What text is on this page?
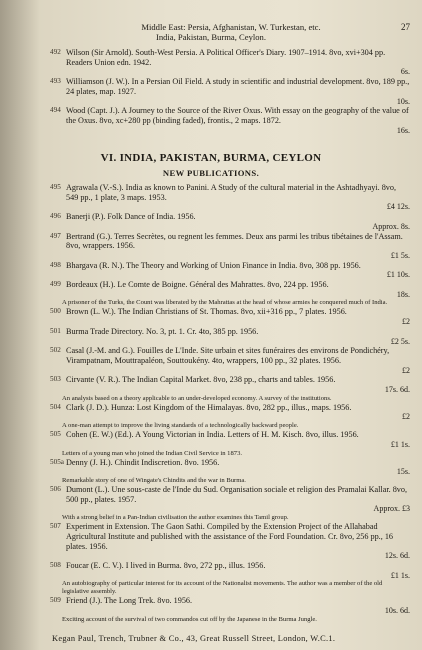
Middle East: Persia, Afghanistan, W. Turkestan, etc.
India, Pakistan, Burma, Ceylon.
27
492 Wilson (Sir Arnold). South-West Persia. A Political Officer's Diary. 1907–1914. 8vo, xvi+304 pp. Readers Union edn. 1942.
6s.
493 Williamson (J. W.). In a Persian Oil Field. A study in scientific and industrial development. 8vo, 189 pp., 24 plates, map. 1927.
10s.
494 Wood (Capt. J.). A Journey to the Source of the River Oxus. With essay on the geography of the value of the Oxus. 8vo, xc+280 pp (binding faded), frontis., 2 maps. 1872.
16s.
VI. INDIA, PAKISTAN, BURMA, CEYLON
NEW PUBLICATIONS.
495 Agrawala (V.-S.). India as known to Panini. A Study of the cultural material in the Ashtadhyayi. 8vo, 549 pp., 1 plate, 3 maps. 1953.
£4 12s.
496 Banerji (P.). Folk Dance of India. 1956.
Approx. 8s.
497 Bertrand (G.). Terres Secrètes, ou regnent les femmes. Deux ans parmi les tribus tibétaines de l'Assam. 8vo, wrappers. 1956.
£1 5s.
498 Bhargava (R. N.). The Theory and Working of Union Finance in India. 8vo, 308 pp. 1956.
£1 10s.
499 Bordeaux (H.). Le Comte de Boigne. Général des Mahrattes. 8vo, 224 pp. 1956.
18s.
A prisoner of the Turks, the Count was liberated by the Mahrattas at the head of whose armies he conquered much of India.
500 Brown (L. W.). The Indian Christians of St. Thomas. 8vo, xii+316 pp., 7 plates. 1956.
£2
501 Burma Trade Directory. No. 3, pt. 1. Cr. 4to, 385 pp. 1956.
£2 5s.
502 Casal (J.-M. and G.). Fouilles de L'Inde. Site urbain et sites funéraires des environs de Pondichéry, Virampatnam, Mouttrapaléon, Souttoukény. 4to, wrappers, 100 pp., 32 plates. 1956.
£2
503 Cirvante (V. R.). The Indian Capital Market. 8vo, 238 pp., charts and tables. 1956.
17s. 6d.
An analysis based on a theory applicable to an under-developed economy. A survey of the institutions.
504 Clark (J. D.). Hunza: Lost Kingdom of the Himalayas. 8vo, 282 pp., illus., maps. 1956.
£2
A one-man attempt to improve the living standards of a technologically backward people.
505 Cohen (E. W.) (Ed.). A Young Victorian in India. Letters of H. M. Kisch. 8vo, illus. 1956.
£1 1s.
Letters of a young man who joined the Indian Civil Service in 1873.
505a Denny (J. H.). Chindit Indiscretion. 8vo. 1956.
15s.
Remarkable story of one of Wingate's Chindits and the war in Burma.
506 Dumont (L.). Une sous-caste de l'Inde du Sud. Organisation sociale et religion des Pramalai Kallar. 8vo, 500 pp., plates. 1957.
Approx. £3
With a strong belief in a Pan-Indian civilisation the author examines this Tamil group.
507 Experiment in Extension. The Gaon Sathi. Compiled by the Extension Project of the Allahabad Agricultural Institute and published with the assistance of the Ford Foundation. Cr. 8vo, 256 pp., 16 plates. 1956.
12s. 6d.
508 Foucar (E. C. V.). I lived in Burma. 8vo, 272 pp., illus. 1956.
£1 1s.
An autobiography of particular interest for its account of the Nationalist movements. The author was a member of the old legislative assembly.
509 Friend (J.). The Long Trek. 8vo. 1956.
10s. 6d.
Exciting account of the survival of two commandos cut off by the Japanese in the Burma Jungle.
Kegan Paul, Trench, Trubner & Co., 43, Great Russell Street, London, W.C.1.
